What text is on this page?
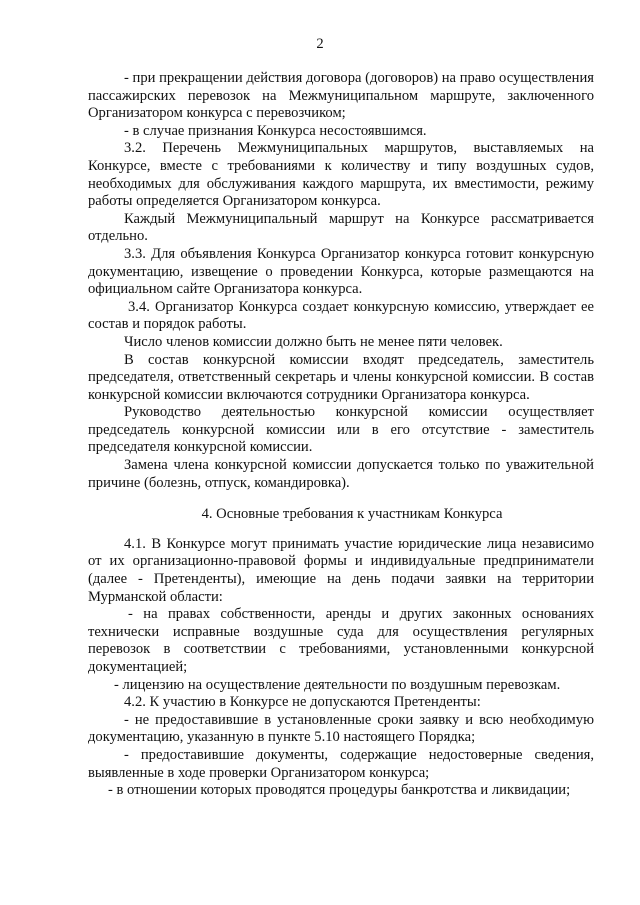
2

- при прекращении действия договора (договоров) на право осуществления пассажирских перевозок на Межмуниципальном маршруте, заключенного Организатором конкурса с перевозчиком;

- в случае признания Конкурса несостоявшимся.

3.2. Перечень Межмуниципальных маршрутов, выставляемых на Конкурсе, вместе с требованиями к количеству и типу воздушных судов, необходимых для обслуживания каждого маршрута, их вместимости, режиму работы определяется Организатором конкурса.

Каждый Межмуниципальный маршрут на Конкурсе рассматривается отдельно.

3.3. Для объявления Конкурса Организатор конкурса готовит конкурсную документацию, извещение о проведении Конкурса, которые размещаются на официальном сайте Организатора конкурса.

3.4. Организатор Конкурса создает конкурсную комиссию, утверждает ее состав и порядок работы.

Число членов комиссии должно быть не менее пяти человек.

В состав конкурсной комиссии входят председатель, заместитель председателя, ответственный секретарь и члены конкурсной комиссии. В состав конкурсной комиссии включаются сотрудники Организатора конкурса.

Руководство деятельностью конкурсной комиссии осуществляет председатель конкурсной комиссии или в его отсутствие - заместитель председателя конкурсной комиссии.

Замена члена конкурсной комиссии допускается только по уважительной причине (болезнь, отпуск, командировка).

4. Основные требования к участникам Конкурса

4.1. В Конкурсе могут принимать участие юридические лица независимо от их организационно-правовой формы и индивидуальные предприниматели (далее - Претенденты), имеющие на день подачи заявки на территории Мурманской области:

- на правах собственности, аренды и других законных основаниях технически исправные воздушные суда для осуществления регулярных перевозок в соответствии с требованиями, установленными конкурсной документацией;

- лицензию на осуществление деятельности по воздушным перевозкам.

4.2. К участию в Конкурсе не допускаются Претенденты:

- не предоставившие в установленные сроки заявку и всю необходимую документацию, указанную в пункте 5.10 настоящего Порядка;

- предоставившие документы, содержащие недостоверные сведения, выявленные в ходе проверки Организатором конкурса;

- в отношении которых проводятся процедуры банкротства и ликвидации;
